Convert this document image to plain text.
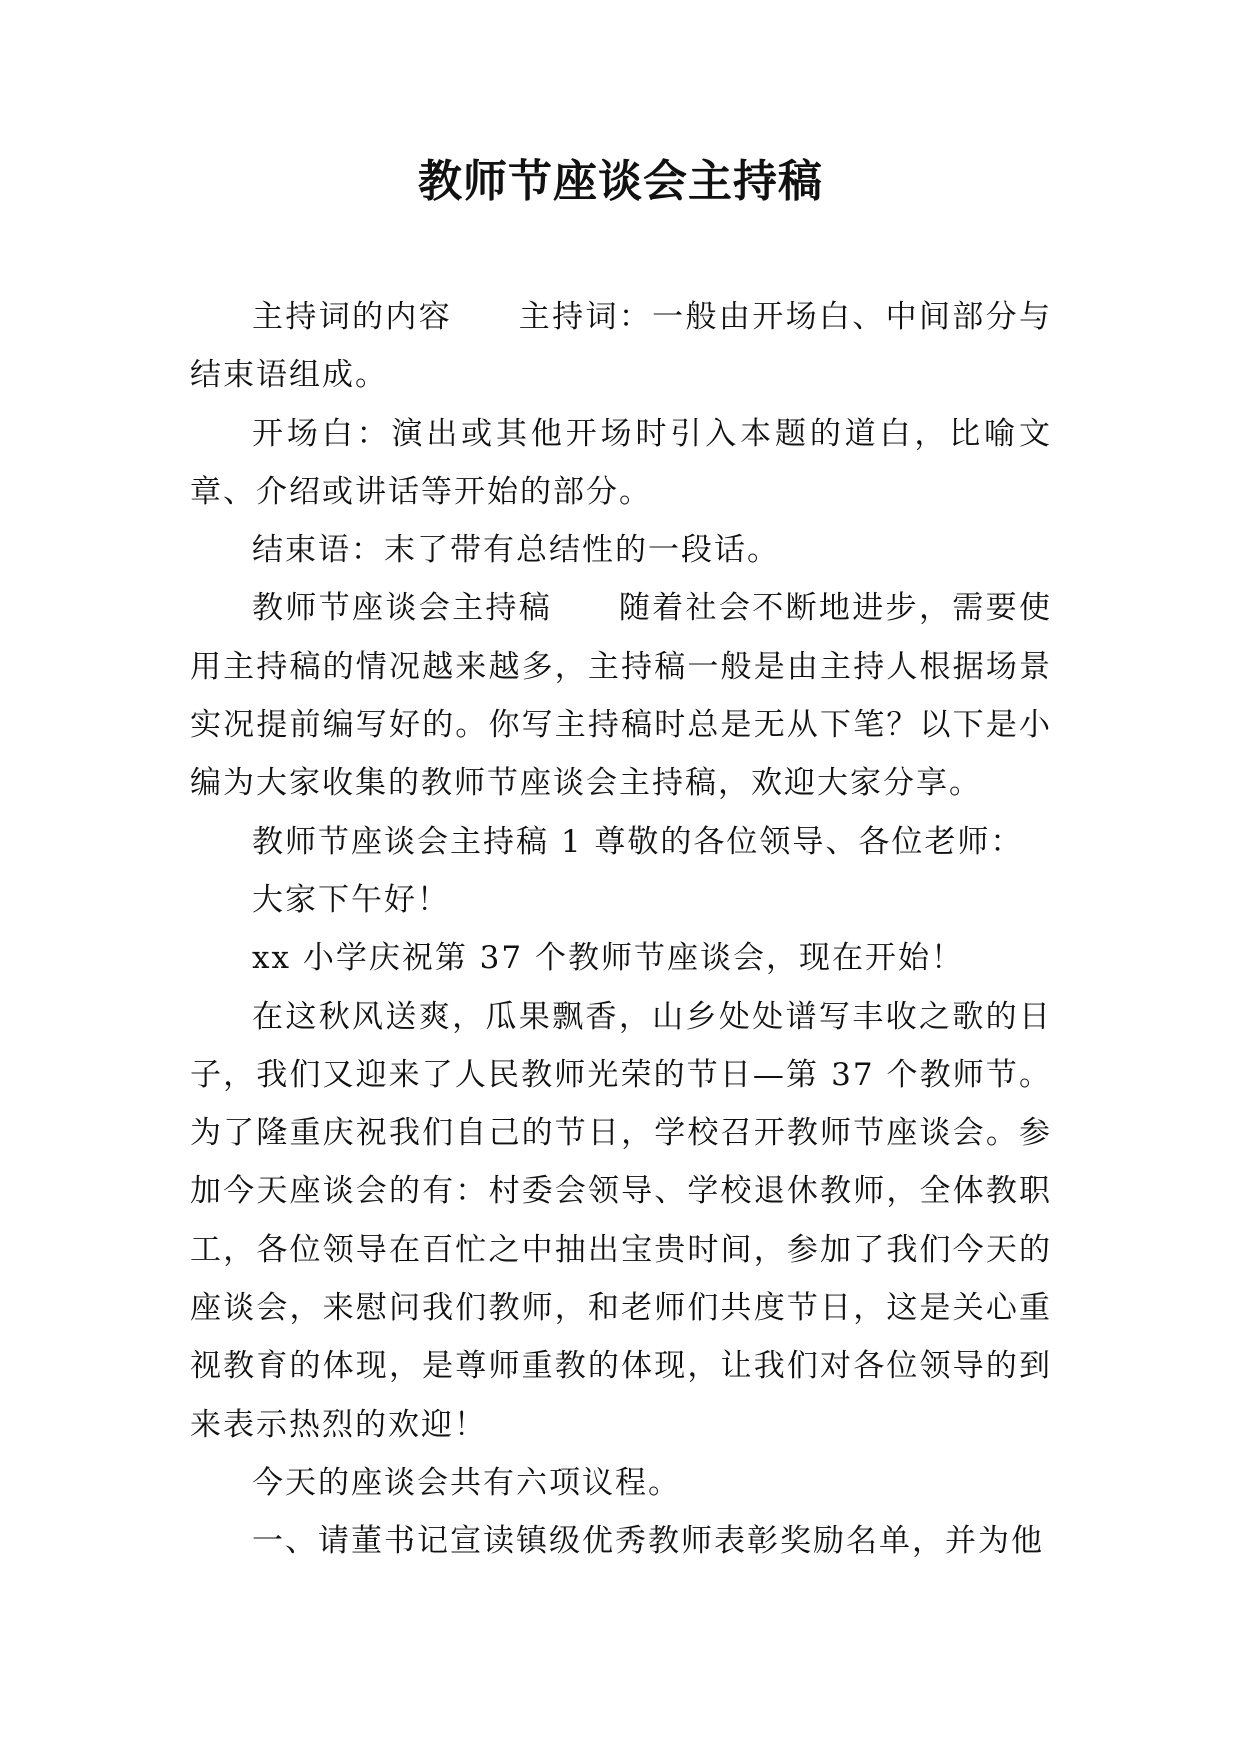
教师节座谈会主持稿

主持词的内容　　主持词：一般由开场白、中间部分与结束语组成。

开场白：演出或其他开场时引入本题的道白，比喻文章、介绍或讲话等开始的部分。

结束语：末了带有总结性的一段话。

教师节座谈会主持稿　　随着社会不断地进步，需要使用主持稿的情况越来越多，主持稿一般是由主持人根据场景实况提前编写好的。你写主持稿时总是无从下笔？以下是小编为大家收集的教师节座谈会主持稿，欢迎大家分享。

教师节座谈会主持稿 1 尊敬的各位领导、各位老师：

大家下午好！

xx 小学庆祝第 37 个教师节座谈会，现在开始！

在这秋风送爽，瓜果飘香，山乡处处谱写丰收之歌的日子，我们又迎来了人民教师光荣的节日—第 37 个教师节。为了隆重庆祝我们自己的节日，学校召开教师节座谈会。参加今天座谈会的有：村委会领导、学校退休教师，全体教职工，各位领导在百忙之中抽出宝贵时间，参加了我们今天的座谈会，来慰问我们教师，和老师们共度节日，这是关心重视教育的体现，是尊师重教的体现，让我们对各位领导的到来表示热烈的欢迎！

今天的座谈会共有六项议程。

一、请董书记宣读镇级优秀教师表彰奖励名单，并为他
